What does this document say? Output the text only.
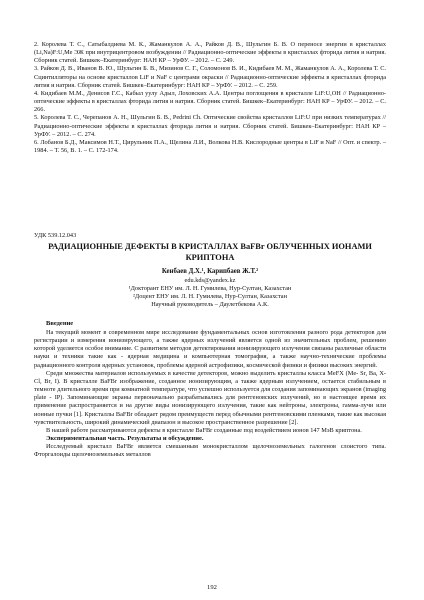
2. Королева Т. С., Сатыбалдиева М. К., Жаманкулов А. А., Райков Д. В., Шульгин Б. В. О переносе энергии в кристаллах (Li,Na)F:U,Me ЭЖ при внутрицентровом возбуждении // Радиационно-оптические эффекты в кристаллах фторида лития и натрия. Сборник статей. Бишкек–Екатеринбург: НАН КР – УрФУ. – 2012. – С. 249.

3. Райков Д. В., Иванов В. Ю., Шульгин Б. В., Мизинов С. Г., Соломонов В. И., Кидибаев М. М., Жаманкулов А. А., Королева Т. С. Сцинтилляторы на основе кристаллов LiF и NaF с центрами окраски // Радиационно-оптические эффекты в кристаллах фторида лития и натрия. Сборник статей. Бишкек–Екатеринбург: НАН КР – УрФУ. – 2012. – С. 259.

4. Кидибаев М.М., Денисов Г.С., Кабыл уулу Адыл, Лоховских А.А. Центры поглощения в кристалле LiF:U,OH // Радиационно-оптические эффекты в кристаллах фторида лития и натрия. Сборник статей. Бишкек–Екатеринбург: НАН КР – УрФУ. – 2012. – С. 266.

5. Королева Т. С., Черепанов А. Н., Шульгин Б. В., Pedrini Ch. Оптические свойства кристаллов LiF:U при низких температурах // Радиационно-оптические эффекты в кристаллах фторида лития и натрия. Сборник статей. Бишкек–Екатеринбург: НАН КР – УрФУ. – 2012. – С. 274.

6. Лобанов Б.Д., Максимов Н.Т., Цирульник П.А., Щелина Л.И., Волкова Н.В. Кислородные центры в LiF и NaF // Опт. и спектр. – 1984. – Т. 56, В. 1. – С. 172-174.

УДК 539.12.043
РАДИАЦИОННЫЕ ДЕФЕКТЫ В КРИСТАЛЛАХ BaFBr ОБЛУЧЕННЫХ ИОНАМИ
КРИПТОНА
Кенбаев Д.Х.¹, Карипбаев Ж.Т.²
edu.kds@yandex.kz
¹Докторант ЕНУ им. Л. Н. Гумилева, Нур-Султан, Казахстан
²Доцент ЕНУ им. Л. Н. Гумилева, Нур-Султан, Казахстан
Научный руководитель – Даулетбекова А.К.
Введение

На текущий момент в современном мире исследование фундаментальных основ изготовления разного рода детекторов для регистрации и измерения ионизирующего, а также ядерных излучений является одной из значительных проблем, решению которой уделяется особое внимание. С развитием методов детектирования ионизирующего излучения связаны различные области науки и техники такие как - ядерная медицина и компьютерная томография, а также научно-технические проблемы радиационного контроля ядерных установок, проблемы ядерной астрофизики, космической физики и физики высоких энергий.

Среди множества материалов используемых в качестве детекторов, можно выделить кристаллы класса MeFX (Me- Sr, Ba, X-Cl, Br, I). В кристалле BaFBr изображение, созданное ионизирующим, а также ядерным излучением, остается стабильным в темноте длительного время при комнатной температуре, что успешно используется для создания запоминающих экранов (imaging plate - IP). Запоминающие экраны первоначально разрабатывались для рентгеновских излучений, но в настоящее время их применение распространяется и на другие виды ионизирующего излучения, такие как нейтроны, электроны, гамма-лучи или ионные пучки [1]. Кристаллы BaFBr обладает рядом преимуществ перед обычными рентгеновскими пленками, такие как высокая чувствительность, широкий динамический диапазон и высокое пространственное разрешение [2].

В нашей работе рассматриваются дефекты в кристалле BaFBr созданные под воздействием ионов 147 МэВ криптона.

Экспериментальная часть. Результаты и обсуждение.

Исследуемый кристалл BaFBr является смешанным монокристаллом щелочноземельных галогенов слоистого типа. Фторгалоиды щелочноземельных металлов

192
